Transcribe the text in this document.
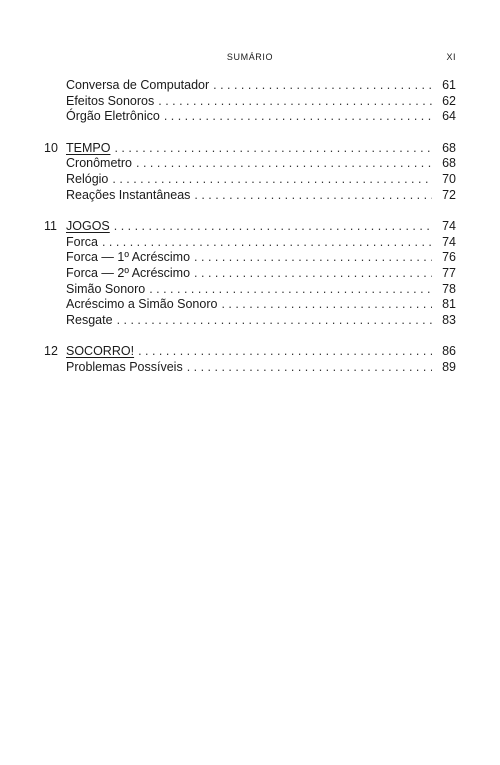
SUMÁRIO	XI
Conversa de Computador . . .	61
Efeitos Sonoros . . .	62
Órgão Eletrônico . . .	64
10 TEMPO . . .	68
Cronômetro . . .	68
Relógio . . .	70
Reações Instantâneas . . .	72
11 JOGOS . . .	74
Forca . . .	74
Forca — 1º Acréscimo . . .	76
Forca — 2º Acréscimo . . .	77
Simão Sonoro . . .	78
Acréscimo a Simão Sonoro . . .	81
Resgate . . .	83
12 SOCORRO! . . .	86
Problemas Possíveis . . .	89
